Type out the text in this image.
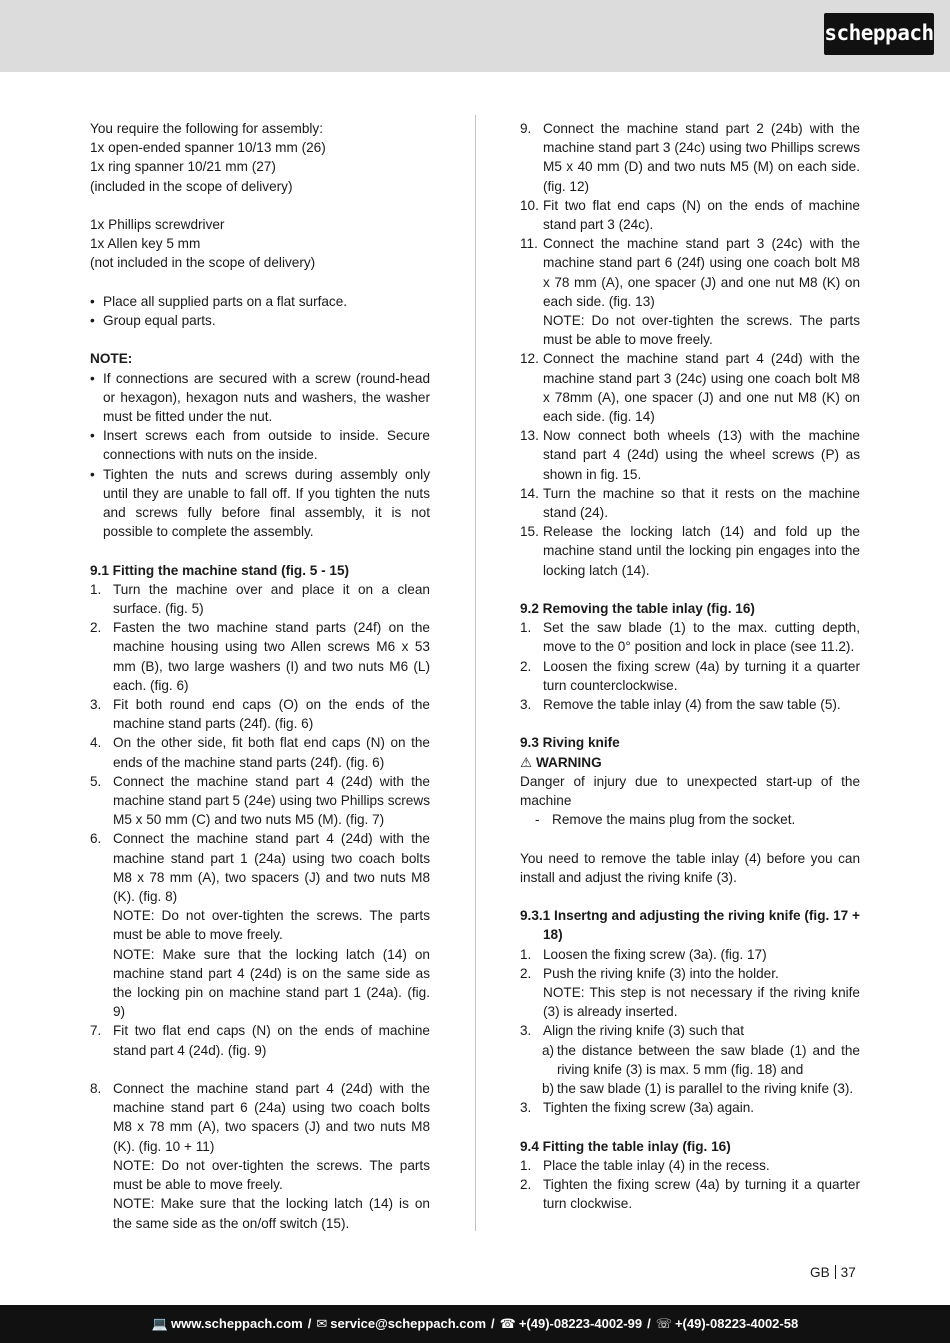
scheppach

You require the following for assembly:

1x open-ended spanner 10/13 mm (26)

1x ring spanner 10/21 mm (27)

(included in the scope of delivery)

1x Phillips screwdriver

1x Allen key 5 mm

(not included in the scope of delivery)

• Place all supplied parts on a flat surface.
• Group equal parts.

NOTE:

• If connections are secured with a screw (round-head or hexagon), hexagon nuts and washers, the washer must be fitted under the nut.
• Insert screws each from outside to inside. Secure connections with nuts on the inside.
• Tighten the nuts and screws during assembly only until they are unable to fall off. If you tighten the nuts and screws fully before final assembly, it is not possible to complete the assembly.

9.1 Fitting the machine stand (fig. 5 - 15)

1. Turn the machine over and place it on a clean surface. (fig. 5)
2. Fasten the two machine stand parts (24f) on the machine housing using two Allen screws M6 x 53 mm (B), two large washers (I) and two nuts M6 (L) each. (fig. 6)
3. Fit both round end caps (O) on the ends of the machine stand parts (24f). (fig. 6)
4. On the other side, fit both flat end caps (N) on the ends of the machine stand parts (24f). (fig. 6)
5. Connect the machine stand part 4 (24d) with the machine stand part 5 (24e) using two Phillips screws M5 x 50 mm (C) and two nuts M5 (M). (fig. 7)
6. Connect the machine stand part 4 (24d) with the machine stand part 1 (24a) using two coach bolts M8 x 78 mm (A), two spacers (J) and two nuts M8 (K). (fig. 8)

NOTE: Do not over-tighten the screws. The parts must be able to move freely.

NOTE: Make sure that the locking latch (14) on machine stand part 4 (24d) is on the same side as the locking pin on machine stand part 1 (24a). (fig. 9)

7. Fit two flat end caps (N) on the ends of machine stand part 4 (24d). (fig. 9)
8. Connect the machine stand part 4 (24d) with the machine stand part 6 (24a) using two coach bolts M8 x 78 mm (A), two spacers (J) and two nuts M8 (K). (fig. 10 + 11)

NOTE: Do not over-tighten the screws. The parts must be able to move freely.

NOTE: Make sure that the locking latch (14) is on the same side as the on/off switch (15).

9. Connect the machine stand part 2 (24b) with the machine stand part 3 (24c) using two Phillips screws M5 x 40 mm (D) and two nuts M5 (M) on each side. (fig. 12)
10. Fit two flat end caps (N) on the ends of machine stand part 3 (24c).
11. Connect the machine stand part 3 (24c) with the machine stand part 6 (24f) using one coach bolt M8 x 78 mm (A), one spacer (J) and one nut M8 (K) on each side. (fig. 13)

NOTE: Do not over-tighten the screws. The parts must be able to move freely.

12. Connect the machine stand part 4 (24d) with the machine stand part 3 (24c) using one coach bolt M8 x 78mm (A), one spacer (J) and one nut M8 (K) on each side. (fig. 14)
13. Now connect both wheels (13) with the machine stand part 4 (24d) using the wheel screws (P) as shown in fig. 15.
14. Turn the machine so that it rests on the machine stand (24).
15. Release the locking latch (14) and fold up the machine stand until the locking pin engages into the locking latch (14).

9.2 Removing the table inlay (fig. 16)

1. Set the saw blade (1) to the max. cutting depth, move to the 0° position and lock in place (see 11.2).
2. Loosen the fixing screw (4a) by turning it a quarter turn counterclockwise.
3. Remove the table inlay (4) from the saw table (5).

9.3 Riving knife

⚠ WARNING

Danger of injury due to unexpected start-up of the machine

- Remove the mains plug from the socket.

You need to remove the table inlay (4) before you can install and adjust the riving knife (3).

9.3.1 Insertng and adjusting the riving knife (fig. 17 + 18)

1. Loosen the fixing screw (3a). (fig. 17)
2. Push the riving knife (3) into the holder.

NOTE: This step is not necessary if the riving knife (3) is already inserted.

3. Align the riving knife (3) such that
a) the distance between the saw blade (1) and the riving knife (3) is max. 5 mm (fig. 18) and
b) the saw blade (1) is parallel to the riving knife (3).
3. Tighten the fixing screw (3a) again.

9.4 Fitting the table inlay (fig. 16)

1. Place the table inlay (4) in the recess.
2. Tighten the fixing screw (4a) by turning it a quarter turn clockwise.
GB 37
💻 www.scheppach.com / ✉ service@scheppach.com / ☎ +(49)-08223-4002-99 / ☏ +(49)-08223-4002-58
